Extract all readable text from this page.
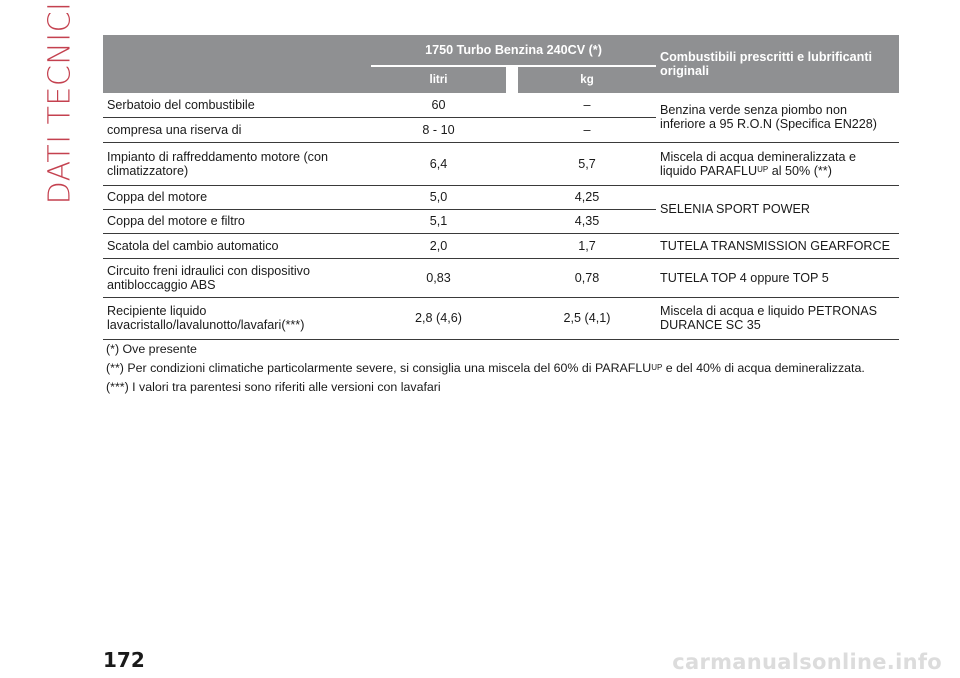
DATI TECNICI
		1750 Turbo Benzina 240CV (*)			Combustibili prescritti e lubrificanti originali
	litri		kg	
Serbatoio del combustibile	60		–	Benzina verde senza piombo non inferiore a 95 R.O.N (Specifica EN228)
compresa una riserva di	8 - 10		–	
Impianto di raffreddamento motore (con climatizzatore)	6,4		5,7	Miscela di acqua demineralizzata e liquido $PARAFLU^{UP}$ al 50% (**)
Coppa del motore	5,0		4,25	SELENIA SPORT POWER
Coppa del motore e filtro	5,1		4,35	
Scatola del cambio automatico	2,0		1,7	TUTELA TRANSMISSION GEARFORCE
Circuito freni idraulici con dispositivo antibloccaggio ABS	0,83		0,78	TUTELA TOP 4 oppure TOP 5
Recipiente liquido
lavacristallo/lavalunotto/lavafari(***)	2,8 (4,6)		2,5 (4,1)	Miscela di acqua e liquido PETRONAS DURANCE SC 35

(*) Ove presente

(**) Per condizioni climatiche particolarmente severe, si consiglia una miscela del 60% di $PARAFLU^{UP}$ e del 40% di acqua demineralizzata.

(***) I valori tra parentesi sono riferiti alle versioni con lavafari

172	carmanualsonline.info
